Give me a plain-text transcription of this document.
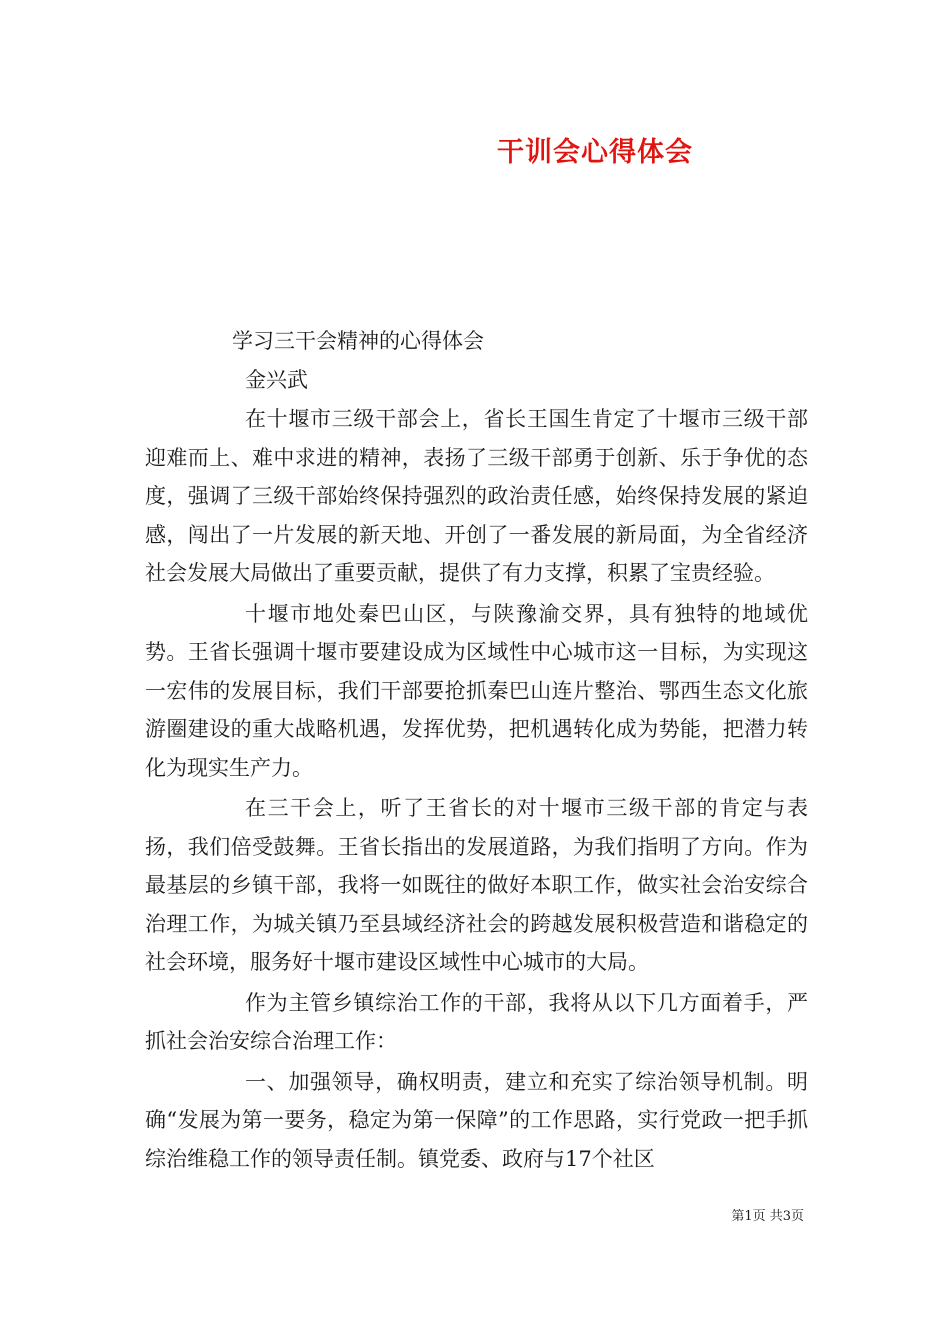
干训会心得体会

学习三干会精神的心得体会

金兴武

在十堰市三级干部会上，省长王国生肯定了十堰市三级干部迎难而上、难中求进的精神，表扬了三级干部勇于创新、乐于争优的态度，强调了三级干部始终保持强烈的政治责任感，始终保持发展的紧迫感，闯出了一片发展的新天地、开创了一番发展的新局面，为全省经济社会发展大局做出了重要贡献，提供了有力支撑，积累了宝贵经验。

十堰市地处秦巴山区，与陕豫渝交界，具有独特的地域优势。王省长强调十堰市要建设成为区域性中心城市这一目标，为实现这一宏伟的发展目标，我们干部要抢抓秦巴山连片整治、鄂西生态文化旅游圈建设的重大战略机遇，发挥优势，把机遇转化成为势能，把潜力转化为现实生产力。

在三干会上，听了王省长的对十堰市三级干部的肯定与表扬，我们倍受鼓舞。王省长指出的发展道路，为我们指明了方向。作为最基层的乡镇干部，我将一如既往的做好本职工作，做实社会治安综合治理工作，为城关镇乃至县域经济社会的跨越发展积极营造和谐稳定的社会环境，服务好十堰市建设区域性中心城市的大局。

作为主管乡镇综治工作的干部，我将从以下几方面着手，严抓社会治安综合治理工作：

一、加强领导，确权明责，建立和充实了综治领导机制。明确“发展为第一要务，稳定为第一保障”的工作思路，实行党政一把手抓综治维稳工作的领导责任制。镇党委、政府与17个社区

第1页 共3页
